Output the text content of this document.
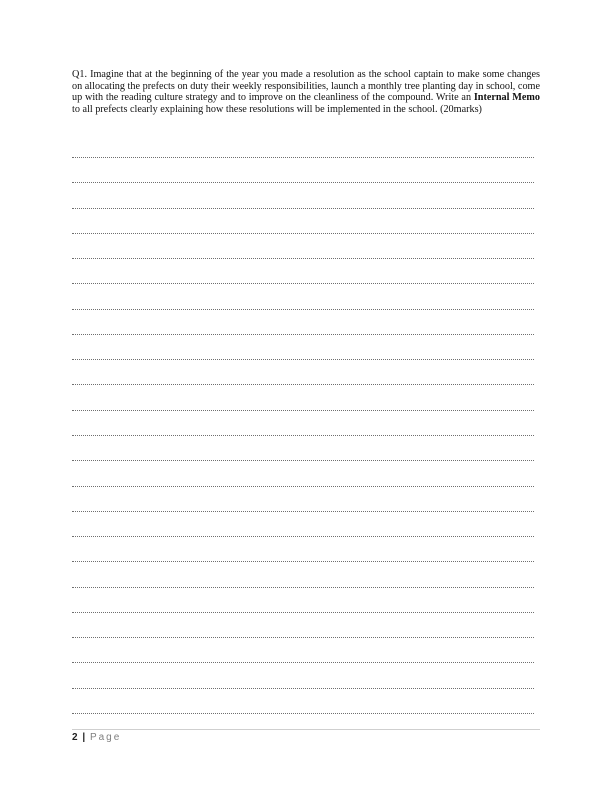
Q1. Imagine that at the beginning of the year you made a resolution as the school captain to make some changes on allocating the prefects on duty their weekly responsibilities, launch a monthly tree planting day in school, come up with the reading culture strategy and to improve on the cleanliness of the compound. Write an Internal Memo to all prefects clearly explaining how these resolutions will be implemented in the school. (20marks)
2 | Page
